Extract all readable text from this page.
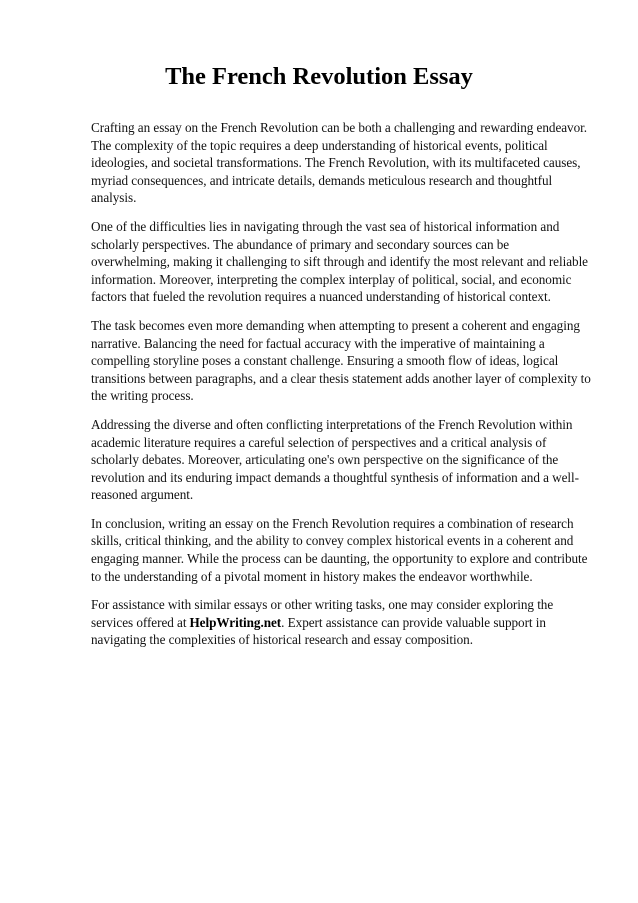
The French Revolution Essay

Crafting an essay on the French Revolution can be both a challenging and rewarding endeavor. The complexity of the topic requires a deep understanding of historical events, political ideologies, and societal transformations. The French Revolution, with its multifaceted causes, myriad consequences, and intricate details, demands meticulous research and thoughtful analysis.

One of the difficulties lies in navigating through the vast sea of historical information and scholarly perspectives. The abundance of primary and secondary sources can be overwhelming, making it challenging to sift through and identify the most relevant and reliable information. Moreover, interpreting the complex interplay of political, social, and economic factors that fueled the revolution requires a nuanced understanding of historical context.

The task becomes even more demanding when attempting to present a coherent and engaging narrative. Balancing the need for factual accuracy with the imperative of maintaining a compelling storyline poses a constant challenge. Ensuring a smooth flow of ideas, logical transitions between paragraphs, and a clear thesis statement adds another layer of complexity to the writing process.

Addressing the diverse and often conflicting interpretations of the French Revolution within academic literature requires a careful selection of perspectives and a critical analysis of scholarly debates. Moreover, articulating one's own perspective on the significance of the revolution and its enduring impact demands a thoughtful synthesis of information and a well-reasoned argument.

In conclusion, writing an essay on the French Revolution requires a combination of research skills, critical thinking, and the ability to convey complex historical events in a coherent and engaging manner. While the process can be daunting, the opportunity to explore and contribute to the understanding of a pivotal moment in history makes the endeavor worthwhile.

For assistance with similar essays or other writing tasks, one may consider exploring the services offered at HelpWriting.net. Expert assistance can provide valuable support in navigating the complexities of historical research and essay composition.
